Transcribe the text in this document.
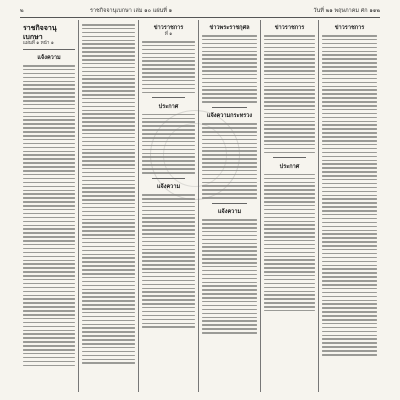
๒	ราชกิจจานุเบกษา เล่ม ๑๐ แผ่นที่ ๑	วันที่ ๒๑ พฤษภาคม ศก ๑๑๒
ราชกิจจานุเบกษา
แผ่นที่ ๑ หน้า ๑
แจ้งความ
ข่าวราชการ
ที่ ๑
ประกาศ
แจ้งความ
ข่าวพระราชกุศล
แจ้งความกระทรวง
แจ้งความ
ข่าวราชการ
ประกาศ
ข่าวราชการ
